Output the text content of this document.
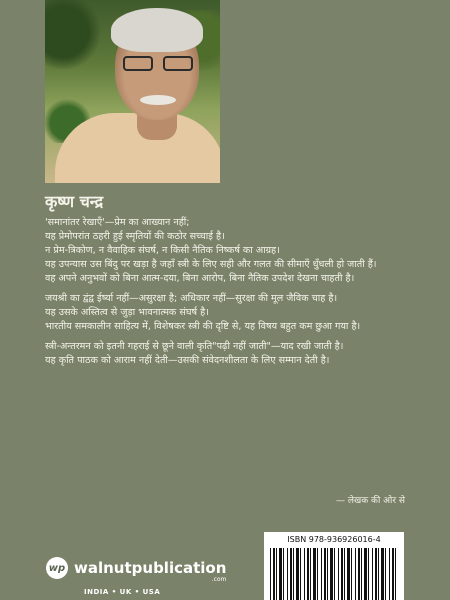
कृष्ण चन्द्र
'समानांतर रेखाएँ'—प्रेम का आख्यान नहीं;
यह प्रेमोपरांत ठहरी हुई स्मृतियों की कठोर सच्चाई है।
न प्रेम-त्रिकोण, न वैवाहिक संघर्ष, न किसी नैतिक निष्कर्ष का आग्रह।
यह उपन्यास उस बिंदु पर खड़ा है जहाँ स्त्री के लिए सही और गलत की सीमाएँ धुँधली हो जाती हैं।

वह अपने अनुभवों को बिना आत्म-दया, बिना आरोप, बिना नैतिक उपदेश देखना चाहती है।

जयश्री का द्वंद्व ईर्ष्या नहीं—असुरक्षा है; अधिकार नहीं—सुरक्षा की मूल जैविक चाह है।
यह उसके अस्तित्व से जुड़ा भावनात्मक संघर्ष है।

भारतीय समकालीन साहित्य में, विशेषकर स्त्री की दृष्टि से, यह विषय बहुत कम छुआ गया है।

स्त्री-अन्तरमन को इतनी गहराई से छूने वाली कृति"पढ़ी नहीं जाती"—याद रखी जाती है।
यह कृति पाठक को आराम नहीं देती—उसकी संवेदनशीलता के लिए सम्मान देती है।
— लेखक की ओर से
wp walnutpublication
.com
INDIA • UK • USA
ISBN 978-936926016-4
